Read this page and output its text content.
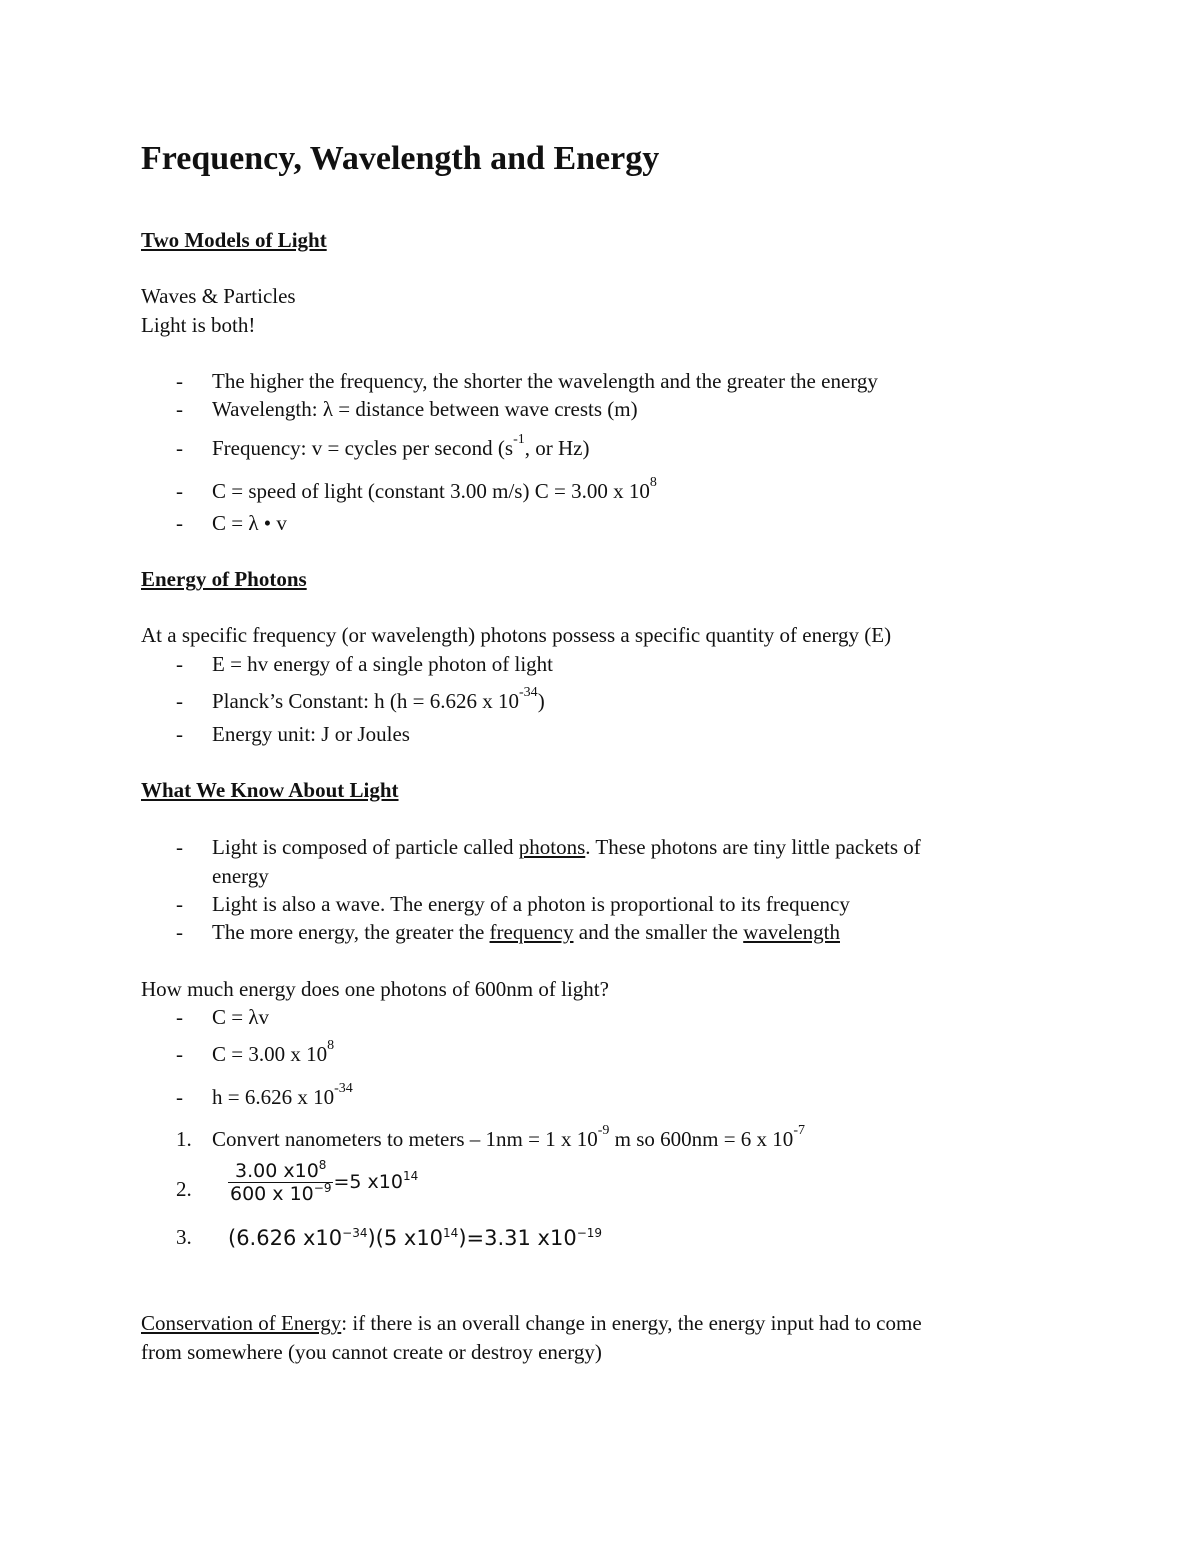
Frequency, Wavelength and Energy
Two Models of Light
Waves & Particles
Light is both!
- The higher the frequency, the shorter the wavelength and the greater the energy
- Wavelength: λ = distance between wave crests (m)
- Frequency: v = cycles per second ($s^{-1}$, or Hz)
- C = speed of light (constant 3.00 m/s) C = 3.00 x $10^8$
- C = λ • v
Energy of Photons
At a specific frequency (or wavelength) photons possess a specific quantity of energy (E)
- E = hv energy of a single photon of light
- Planck’s Constant: h (h = 6.626 x $10^{-34}$)
- Energy unit: J or Joules
What We Know About Light
- Light is composed of particle called photons. These photons are tiny little packets of
energy
- Light is also a wave. The energy of a photon is proportional to its frequency
- The more energy, the greater the frequency and the smaller the wavelength
How much energy does one photons of 600nm of light?
- C = λv
- C = 3.00 x $10^8$
- h = 6.626 x $10^{-34}$
1. Convert nanometers to meters – 1nm = 1 x $10^{-9}$ m so 600nm = 6 x $10^{-7}$
2. $\frac{3.00 x10^8}{600 x 10^{-9}} =5$ $x10^{14}$
3. (6.626 $x10^{-34})(5$ $x10^{14})=3.31$ $x10^{-19}$
Conservation of Energy: if there is an overall change in energy, the energy input had to come
from somewhere (you cannot create or destroy energy)
